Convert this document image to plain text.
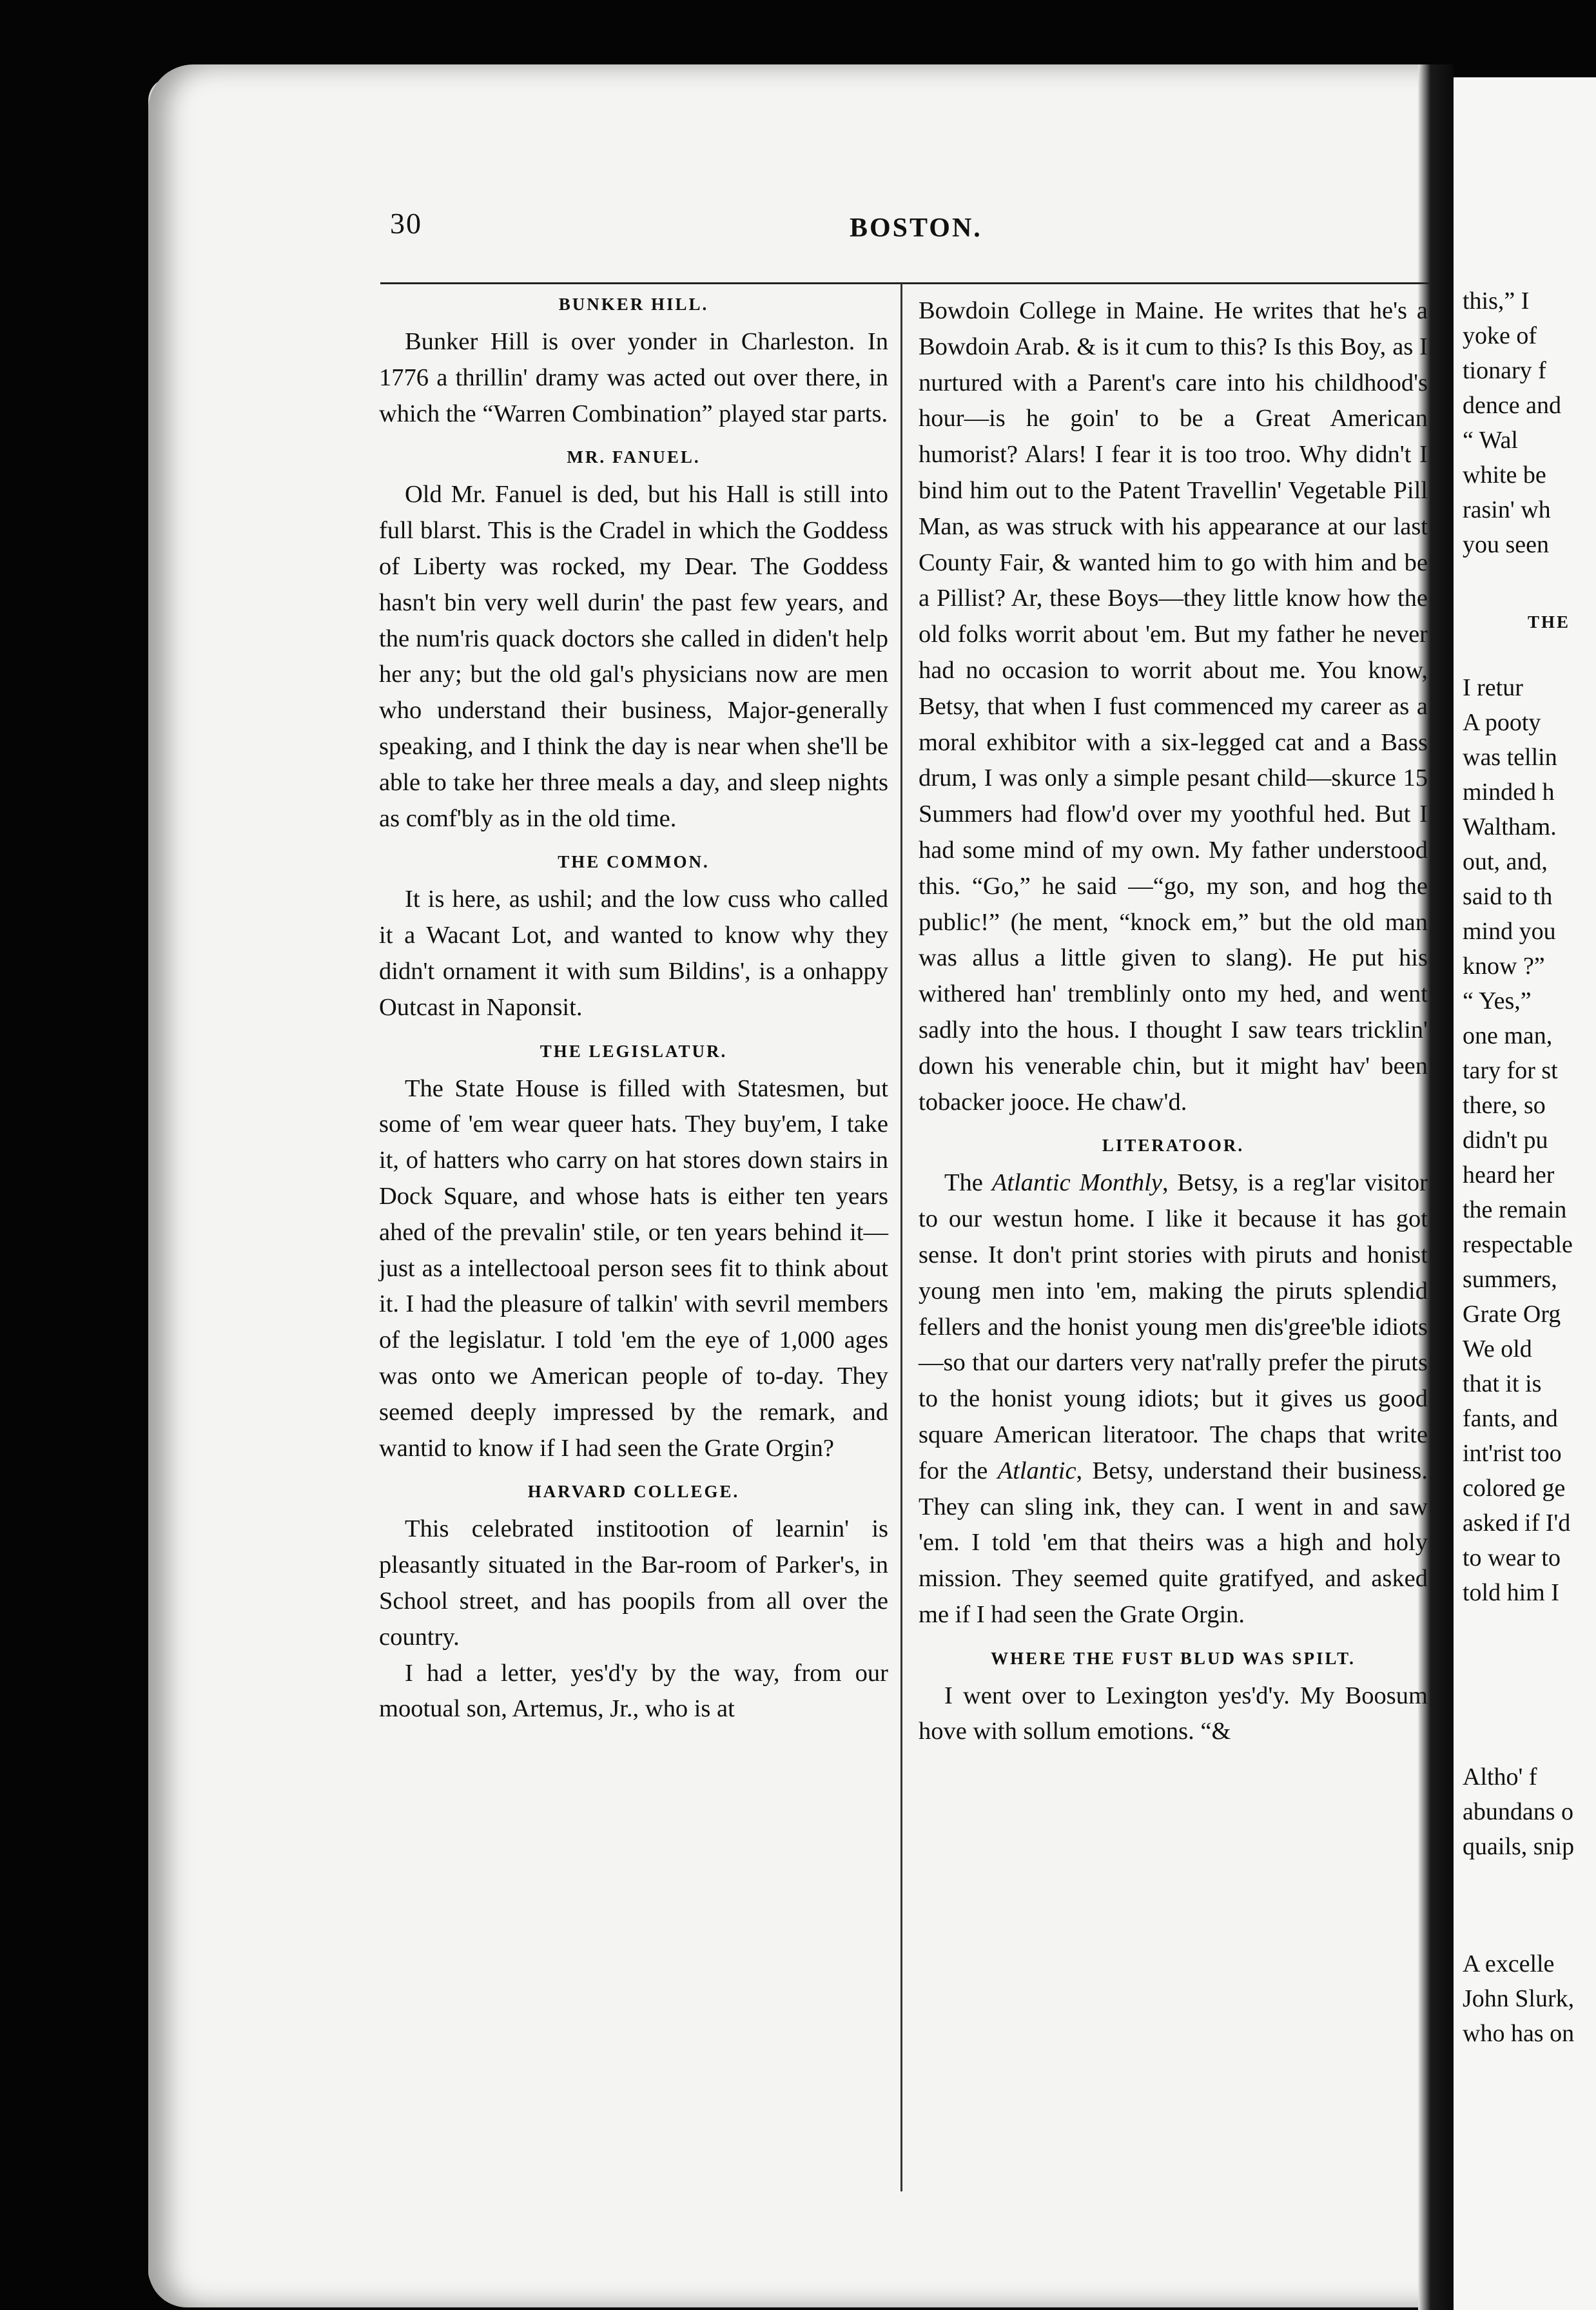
30	BOSTON.
BUNKER HILL.

Bunker Hill is over yonder in Charleston. In 1776 a thrillin' dramy was acted out over there, in which the “Warren Combination” played star parts.

MR. FANUEL.

Old Mr. Fanuel is ded, but his Hall is still into full blarst. This is the Cradel in which the Goddess of Liberty was rocked, my Dear. The Goddess hasn't bin very well durin' the past few years, and the num'ris quack doctors she called in diden't help her any; but the old gal's physicians now are men who understand their business, Major-generally speaking, and I think the day is near when she'll be able to take her three meals a day, and sleep nights as comf'bly as in the old time.

THE COMMON.

It is here, as ushil; and the low cuss who called it a Wacant Lot, and wanted to know why they didn't ornament it with sum Bildins', is a onhappy Outcast in Naponsit.

THE LEGISLATUR.

The State House is filled with Statesmen, but some of 'em wear queer hats. They buy'em, I take it, of hatters who carry on hat stores down stairs in Dock Square, and whose hats is either ten years ahed of the prevalin' stile, or ten years behind it—just as a intellectooal person sees fit to think about it. I had the pleasure of talkin' with sevril members of the legislatur. I told 'em the eye of 1,000 ages was onto we American people of to-day. They seemed deeply impressed by the remark, and wantid to know if I had seen the Grate Orgin?

HARVARD COLLEGE.

This celebrated institootion of learnin' is pleasantly situated in the Bar-room of Parker's, in School street, and has poopils from all over the country.

I had a letter, yes'd'y by the way, from our mootual son, Artemus, Jr., who is at

Bowdoin College in Maine. He writes that he's a Bowdoin Arab. & is it cum to this? Is this Boy, as I nurtured with a Parent's care into his childhood's hour—is he goin' to be a Great American humorist? Alars! I fear it is too troo. Why didn't I bind him out to the Patent Travellin' Vegetable Pill Man, as was struck with his appearance at our last County Fair, & wanted him to go with him and be a Pillist? Ar, these Boys—they little know how the old folks worrit about 'em. But my father he never had no occasion to worrit about me. You know, Betsy, that when I fust commenced my career as a moral exhibitor with a six-legged cat and a Bass drum, I was only a simple pesant child—skurce 15 Summers had flow'd over my yoothful hed. But I had some mind of my own. My father understood this. “Go,” he said —“go, my son, and hog the public!” (he ment, “knock em,” but the old man was allus a little given to slang). He put his withered han' tremblinly onto my hed, and went sadly into the hous. I thought I saw tears tricklin' down his venerable chin, but it might hav' been tobacker jooce. He chaw'd.

LITERATOOR.

The Atlantic Monthly, Betsy, is a reg'lar visitor to our westun home. I like it because it has got sense. It don't print stories with piruts and honist young men into 'em, making the piruts splendid fellers and the honist young men dis'gree'ble idiots—so that our darters very nat'rally prefer the piruts to the honist young idiots; but it gives us good square American literatoor. The chaps that write for the Atlantic, Betsy, understand their business. They can sling ink, they can. I went in and saw 'em. I told 'em that theirs was a high and holy mission. They seemed quite gratifyed, and asked me if I had seen the Grate Orgin.

WHERE THE FUST BLUD WAS SPILT.

I went over to Lexington yes'd'y. My Boosum hove with sollum emotions. “&

this,” I
yoke of
tionary f
dence and
“ Wal
white be
rasin' wh
you seen
THE
I retur
A pooty
was tellin
minded h
Waltham.
out, and,
said to th
mind you
know ?”
“ Yes,”
one man,
tary for st
there, so
didn't pu
heard her
the remain
respectable
summers,
Grate Org
We old
that it is
fants, and
int'rist too
colored ge
asked if I'd
to wear to
told him I
Altho' f
abundans o
quails, snip
A excelle
John Slurk,
who has on
